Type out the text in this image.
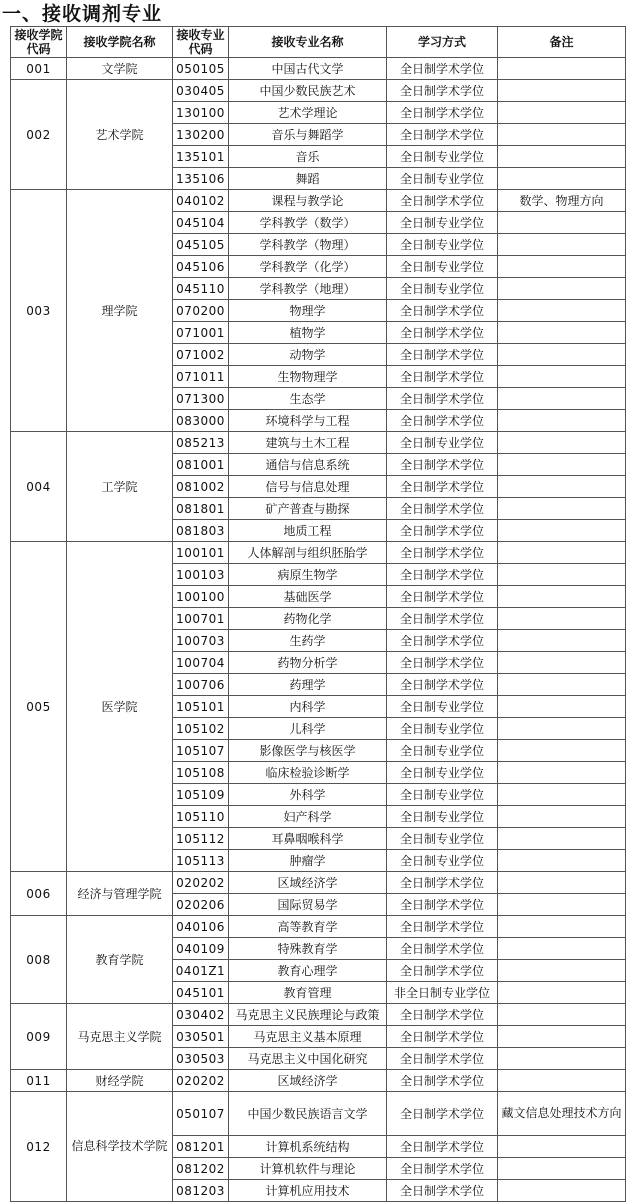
一、接收调剂专业
接收学院代码	接收学院名称	接收专业代码	接收专业名称	学习方式	备注
001	文学院	050105	中国古代文学	全日制学术学位	
002	艺术学院	030405	中国少数民族艺术	全日制学术学位	
		130100	艺术学理论	全日制学术学位	
		130200	音乐与舞蹈学	全日制学术学位	
		135101	音乐	全日制专业学位	
		135106	舞蹈	全日制专业学位	
003	理学院	040102	课程与教学论	全日制学术学位	数学、物理方向
		045104	学科教学（数学）	全日制专业学位	
		045105	学科教学（物理）	全日制专业学位	
		045106	学科教学（化学）	全日制专业学位	
		045110	学科教学（地理）	全日制专业学位	
		070200	物理学	全日制学术学位	
		071001	植物学	全日制学术学位	
		071002	动物学	全日制学术学位	
		071011	生物物理学	全日制学术学位	
		071300	生态学	全日制学术学位	
		083000	环境科学与工程	全日制学术学位	
004	工学院	085213	建筑与土木工程	全日制专业学位	
		081001	通信与信息系统	全日制学术学位	
		081002	信号与信息处理	全日制学术学位	
		081801	矿产普查与勘探	全日制学术学位	
		081803	地质工程	全日制学术学位	
005	医学院	100101	人体解剖与组织胚胎学	全日制学术学位	
		100103	病原生物学	全日制学术学位	
		100100	基础医学	全日制学术学位	
		100701	药物化学	全日制学术学位	
		100703	生药学	全日制学术学位	
		100704	药物分析学	全日制学术学位	
		100706	药理学	全日制学术学位	
		105101	内科学	全日制专业学位	
		105102	儿科学	全日制专业学位	
		105107	影像医学与核医学	全日制专业学位	
		105108	临床检验诊断学	全日制专业学位	
		105109	外科学	全日制专业学位	
		105110	妇产科学	全日制专业学位	
		105112	耳鼻咽喉科学	全日制专业学位	
		105113	肿瘤学	全日制专业学位	
006	经济与管理学院	020202	区域经济学	全日制学术学位	
		020206	国际贸易学	全日制学术学位	
008	教育学院	040106	高等教育学	全日制学术学位	
		040109	特殊教育学	全日制学术学位	
		0401Z1	教育心理学	全日制学术学位	
		045101	教育管理	非全日制专业学位	
009	马克思主义学院	030402	马克思主义民族理论与政策	全日制学术学位	
		030501	马克思主义基本原理	全日制学术学位	
		030503	马克思主义中国化研究	全日制学术学位	
011	财经学院	020202	区域经济学	全日制学术学位	
012	信息科学技术学院	050107	中国少数民族语言文学	全日制学术学位	藏文信息处理技术方向
		081201	计算机系统结构	全日制学术学位	
		081202	计算机软件与理论	全日制学术学位	
		081203	计算机应用技术	全日制学术学位	
